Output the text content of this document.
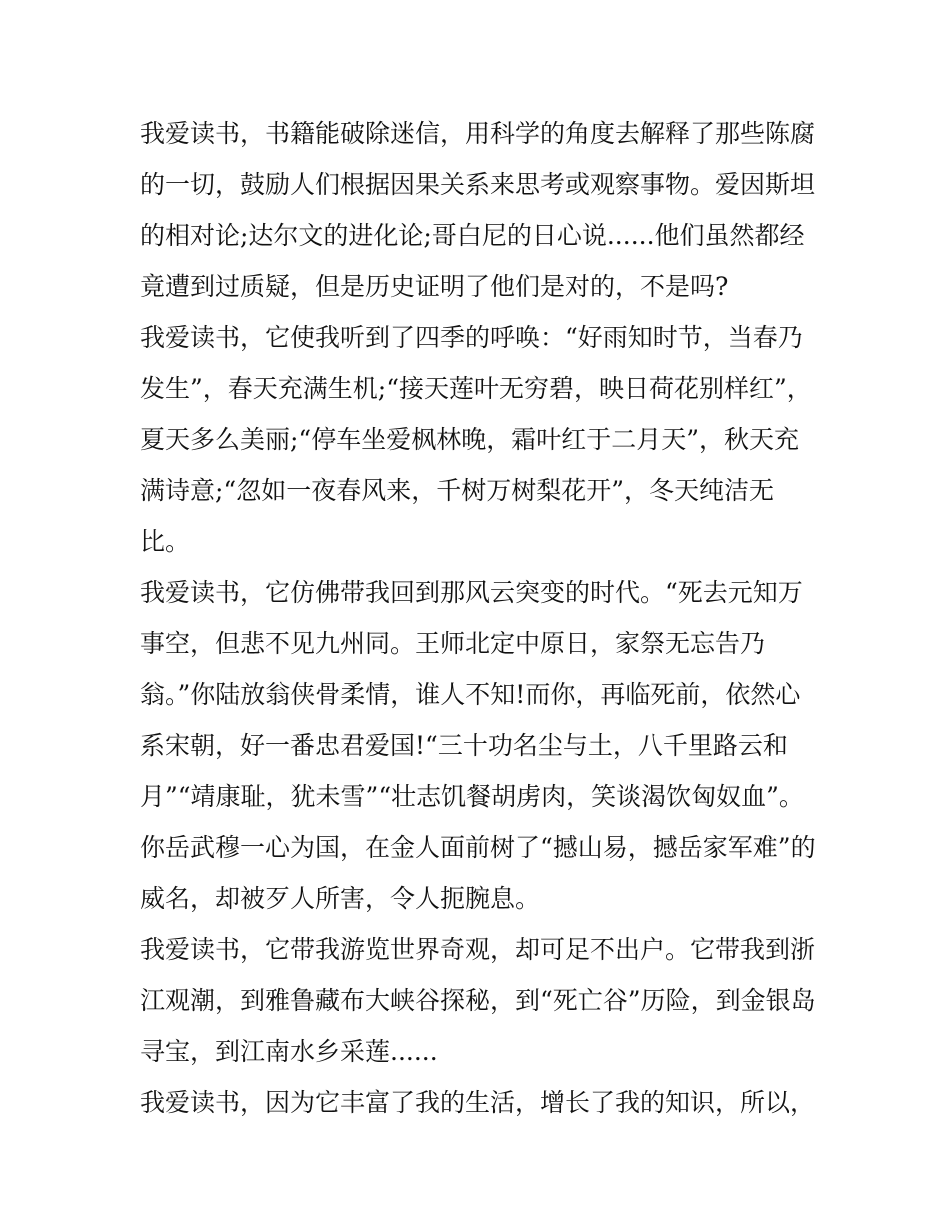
我爱读书，书籍能破除迷信，用科学的角度去解释了那些陈腐
的一切，鼓励人们根据因果关系来思考或观察事物。爱因斯坦
的相对论;达尔文的进化论;哥白尼的日心说......他们虽然都经
竟遭到过质疑，但是历史证明了他们是对的，不是吗?
我爱读书，它使我听到了四季的呼唤：“好雨知时节，当春乃
发生”，春天充满生机;“接天莲叶无穷碧，映日荷花别样红”，
夏天多么美丽;“停车坐爱枫林晚，霜叶红于二月天”，秋天充
满诗意;“忽如一夜春风来，千树万树梨花开”，冬天纯洁无
比。
我爱读书，它仿佛带我回到那风云突变的时代。“死去元知万
事空，但悲不见九州同。王师北定中原日，家祭无忘告乃
翁。”你陆放翁侠骨柔情，谁人不知!而你，再临死前，依然心
系宋朝，好一番忠君爱国!“三十功名尘与土，八千里路云和
月”“靖康耻，犹未雪”“壮志饥餐胡虏肉，笑谈渴饮匈奴血”。
你岳武穆一心为国，在金人面前树了“撼山易，撼岳家军难”的
威名，却被歹人所害，令人扼腕息。
我爱读书，它带我游览世界奇观，却可足不出户。它带我到浙
江观潮，到雅鲁藏布大峡谷探秘，到“死亡谷”历险，到金银岛
寻宝，到江南水乡采莲......
我爱读书，因为它丰富了我的生活，增长了我的知识，所以，
